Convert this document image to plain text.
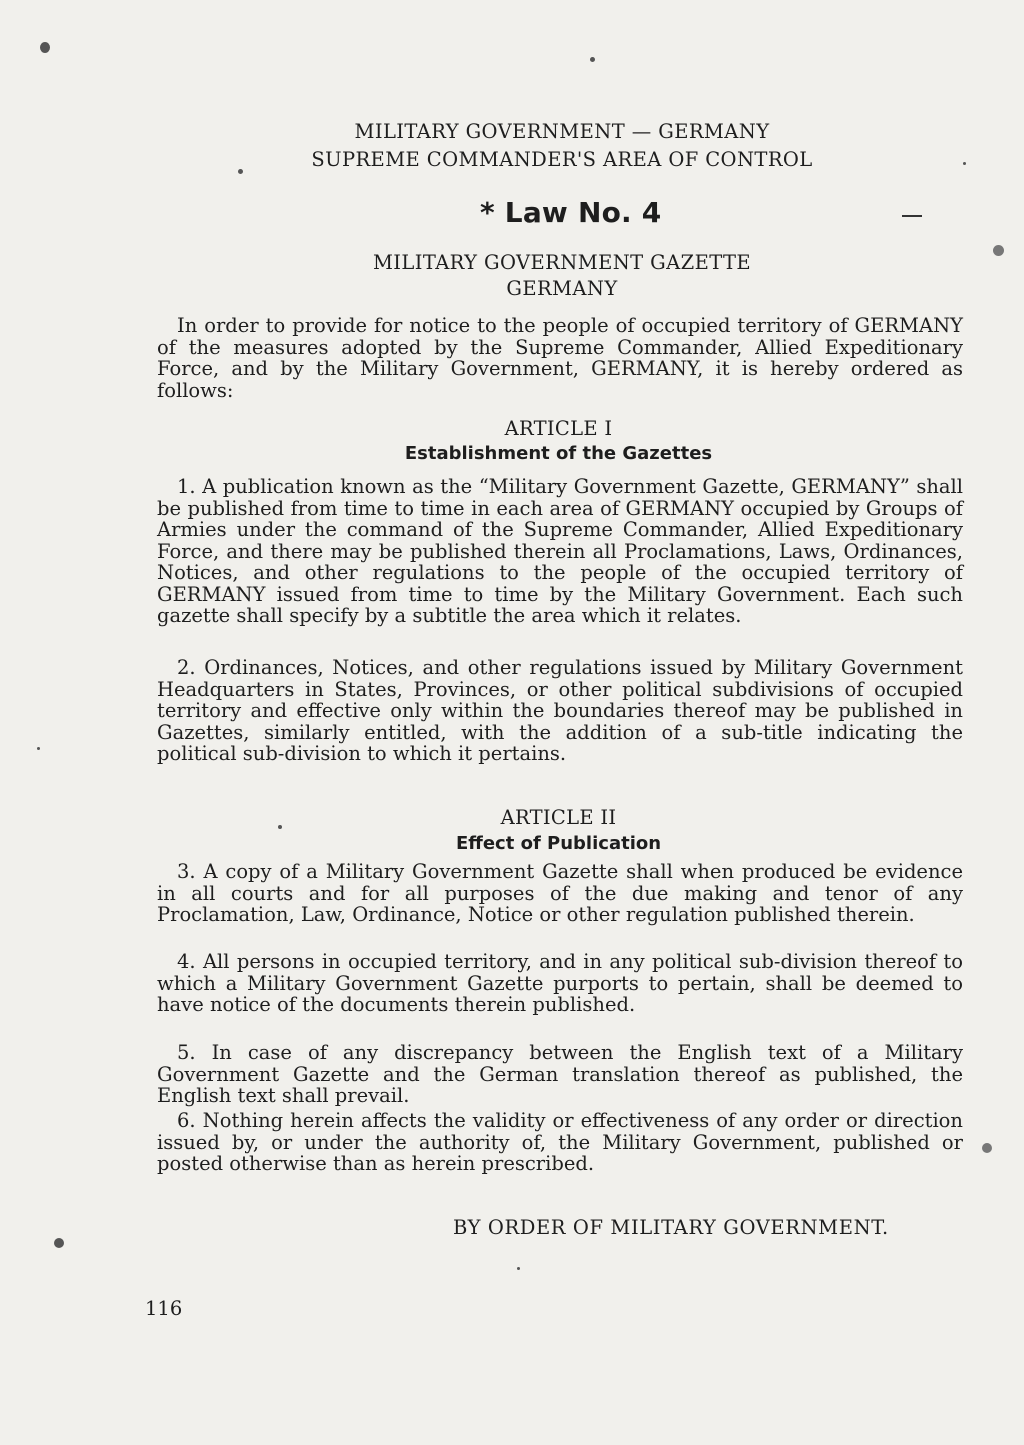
MILITARY GOVERNMENT — GERMANY
SUPREME COMMANDER'S AREA OF CONTROL
* Law No. 4
MILITARY GOVERNMENT GAZETTE
GERMANY

In order to provide for notice to the people of occupied territory of GERMANY of the measures adopted by the Supreme Commander, Allied Expeditionary Force, and by the Military Government, GERMANY, it is hereby ordered as follows:

ARTICLE I
Establishment of the Gazettes

1. A publication known as the “Military Government Gazette, GERMANY” shall be published from time to time in each area of GERMANY occupied by Groups of Armies under the command of the Supreme Commander, Allied Expeditionary Force, and there may be published therein all Proclamations, Laws, Ordinances, Notices, and other regulations to the people of the occupied territory of GERMANY issued from time to time by the Military Government. Each such gazette shall specify by a subtitle the area which it relates.

2. Ordinances, Notices, and other regulations issued by Military Government Headquarters in States, Provinces, or other political subdivisions of occupied territory and effective only within the boundaries thereof may be published in Gazettes, similarly entitled, with the addition of a sub-title indicating the political sub-division to which it pertains.

ARTICLE II
Effect of Publication

3. A copy of a Military Government Gazette shall when produced be evidence in all courts and for all purposes of the due making and tenor of any Proclamation, Law, Ordinance, Notice or other regulation published therein.

4. All persons in occupied territory, and in any political sub-division thereof to which a Military Government Gazette purports to pertain, shall be deemed to have notice of the documents therein published.

5. In case of any discrepancy between the English text of a Military Government Gazette and the German translation thereof as published, the English text shall prevail.

6. Nothing herein affects the validity or effectiveness of any order or direction issued by, or under the authority of, the Military Government, published or posted otherwise than as herein prescribed.

BY ORDER OF MILITARY GOVERNMENT.
116
